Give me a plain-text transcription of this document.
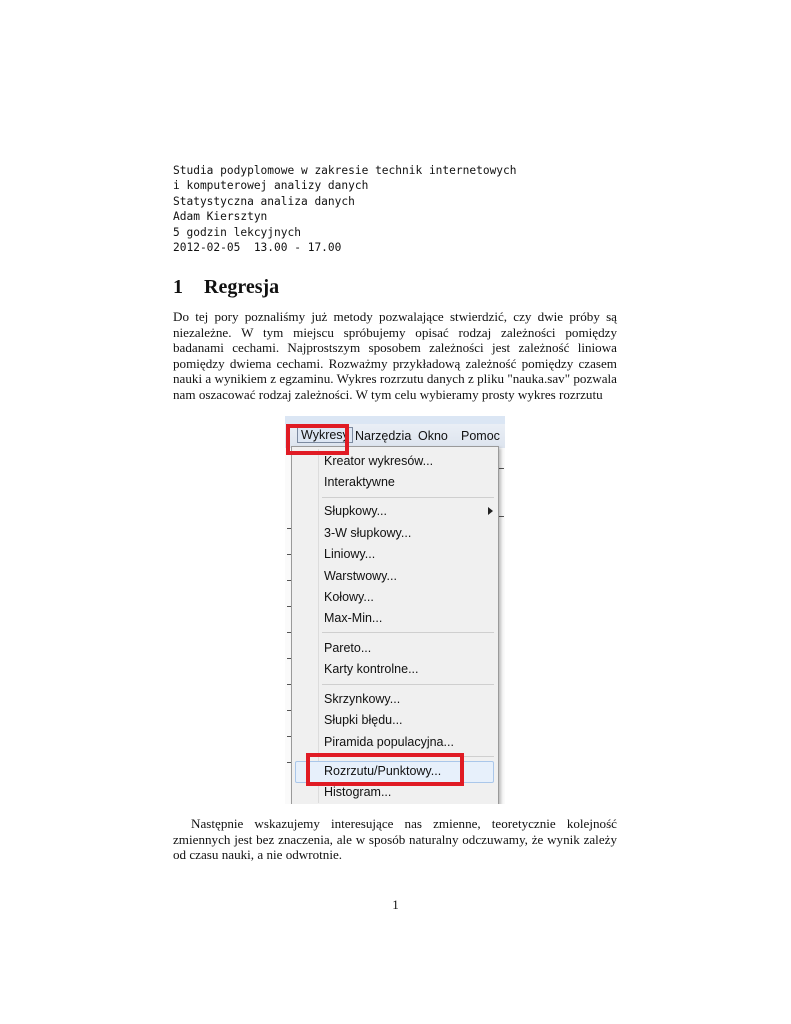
Studia podyplomowe w zakresie technik internetowych
i komputerowej analizy danych
Statystyczna analiza danych
Adam Kiersztyn
5 godzin lekcyjnych
2012-02-05  13.00 - 17.00
1 Regresja
Do tej pory poznaliśmy już metody pozwalające stwierdzić, czy dwie próby są niezależne. W tym miejscu spróbujemy opisać rodzaj zależności pomiędzy badanami cechami. Najprostszym sposobem zależności jest zależność liniowa pomiędzy dwiema cechami. Rozważmy przykładową zależność pomiędzy czasem nauki a wynikiem z egzaminu. Wykres rozrzutu danych z pliku "nauka.sav" pozwala nam oszacować rodzaj zależności. W tym celu wybieramy prosty wykres rozrzutu
Wykresy Narzędzia Okno Pomoc
Kreator wykresów...
Interaktywne
Słupkowy...
3-W słupkowy...
Liniowy...
Warstwowy...
Kołowy...
Max-Min...
Pareto...
Karty kontrolne...
Skrzynkowy...
Słupki błędu...
Piramida populacyjna...
Rozrzutu/Punktowy...
Histogram...
Następnie wskazujemy interesujące nas zmienne, teoretycznie kolejność zmiennych jest bez znaczenia, ale w sposób naturalny odczuwamy, że wynik zależy od czasu nauki, a nie odwrotnie.
1
